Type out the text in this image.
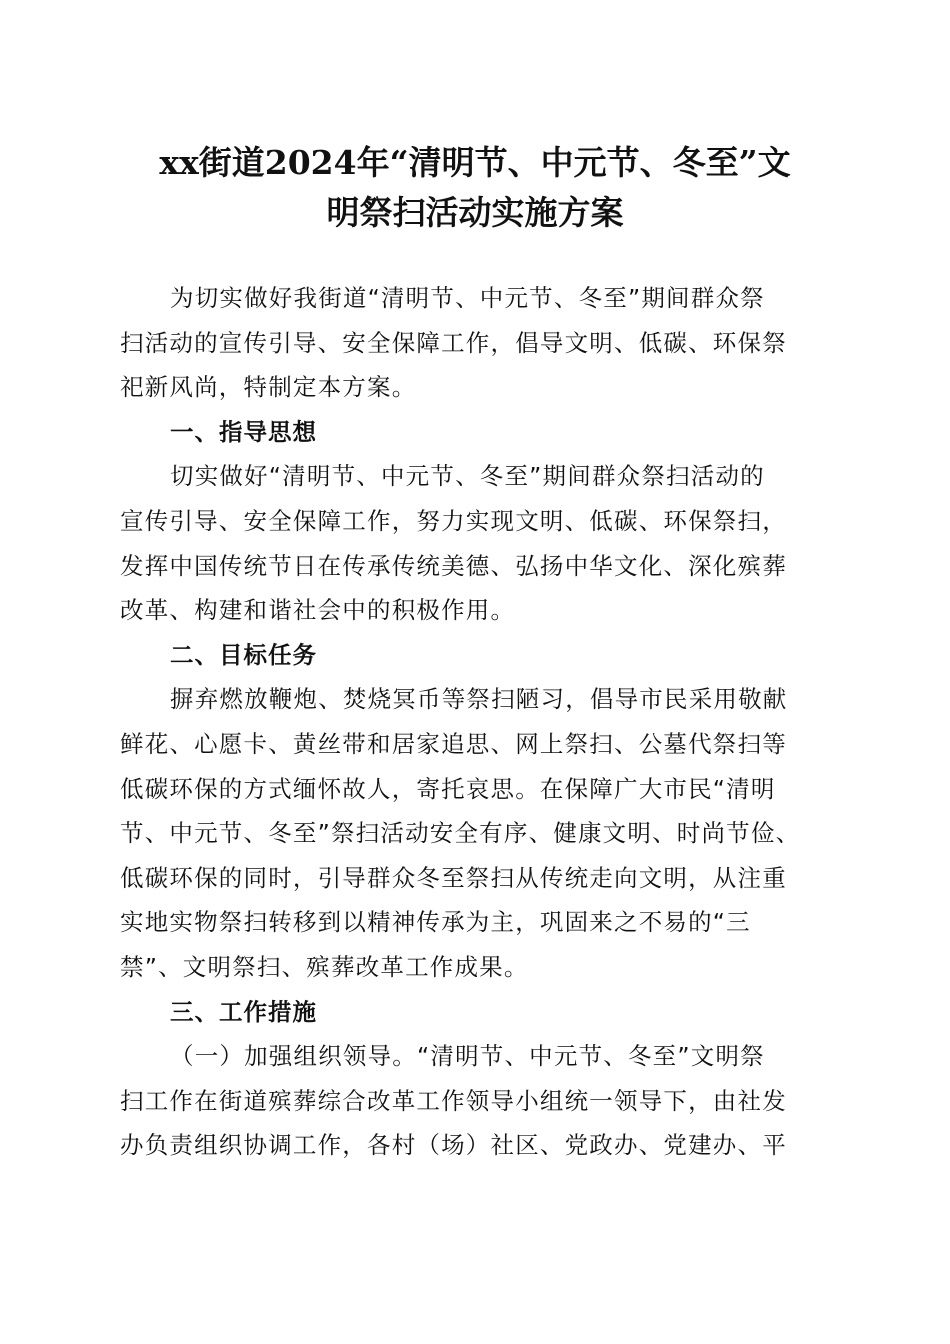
xx街道2024年“清明节、中元节、冬至”文
明祭扫活动实施方案
为切实做好我街道“清明节、中元节、冬至”期间群众祭
扫活动的宣传引导、安全保障工作，倡导文明、低碳、环保祭
祀新风尚，特制定本方案。
一、指导思想
切实做好“清明节、中元节、冬至”期间群众祭扫活动的
宣传引导、安全保障工作，努力实现文明、低碳、环保祭扫，
发挥中国传统节日在传承传统美德、弘扬中华文化、深化殡葬
改革、构建和谐社会中的积极作用。
二、目标任务
摒弃燃放鞭炮、焚烧冥币等祭扫陋习，倡导市民采用敬献
鲜花、心愿卡、黄丝带和居家追思、网上祭扫、公墓代祭扫等
低碳环保的方式缅怀故人，寄托哀思。在保障广大市民“清明
节、中元节、冬至”祭扫活动安全有序、健康文明、时尚节俭、
低碳环保的同时，引导群众冬至祭扫从传统走向文明，从注重
实地实物祭扫转移到以精神传承为主，巩固来之不易的“三
禁”、文明祭扫、殡葬改革工作成果。
三、工作措施
（一）加强组织领导。“清明节、中元节、冬至”文明祭
扫工作在街道殡葬综合改革工作领导小组统一领导下，由社发
办负责组织协调工作，各村（场）社区、党政办、党建办、平
